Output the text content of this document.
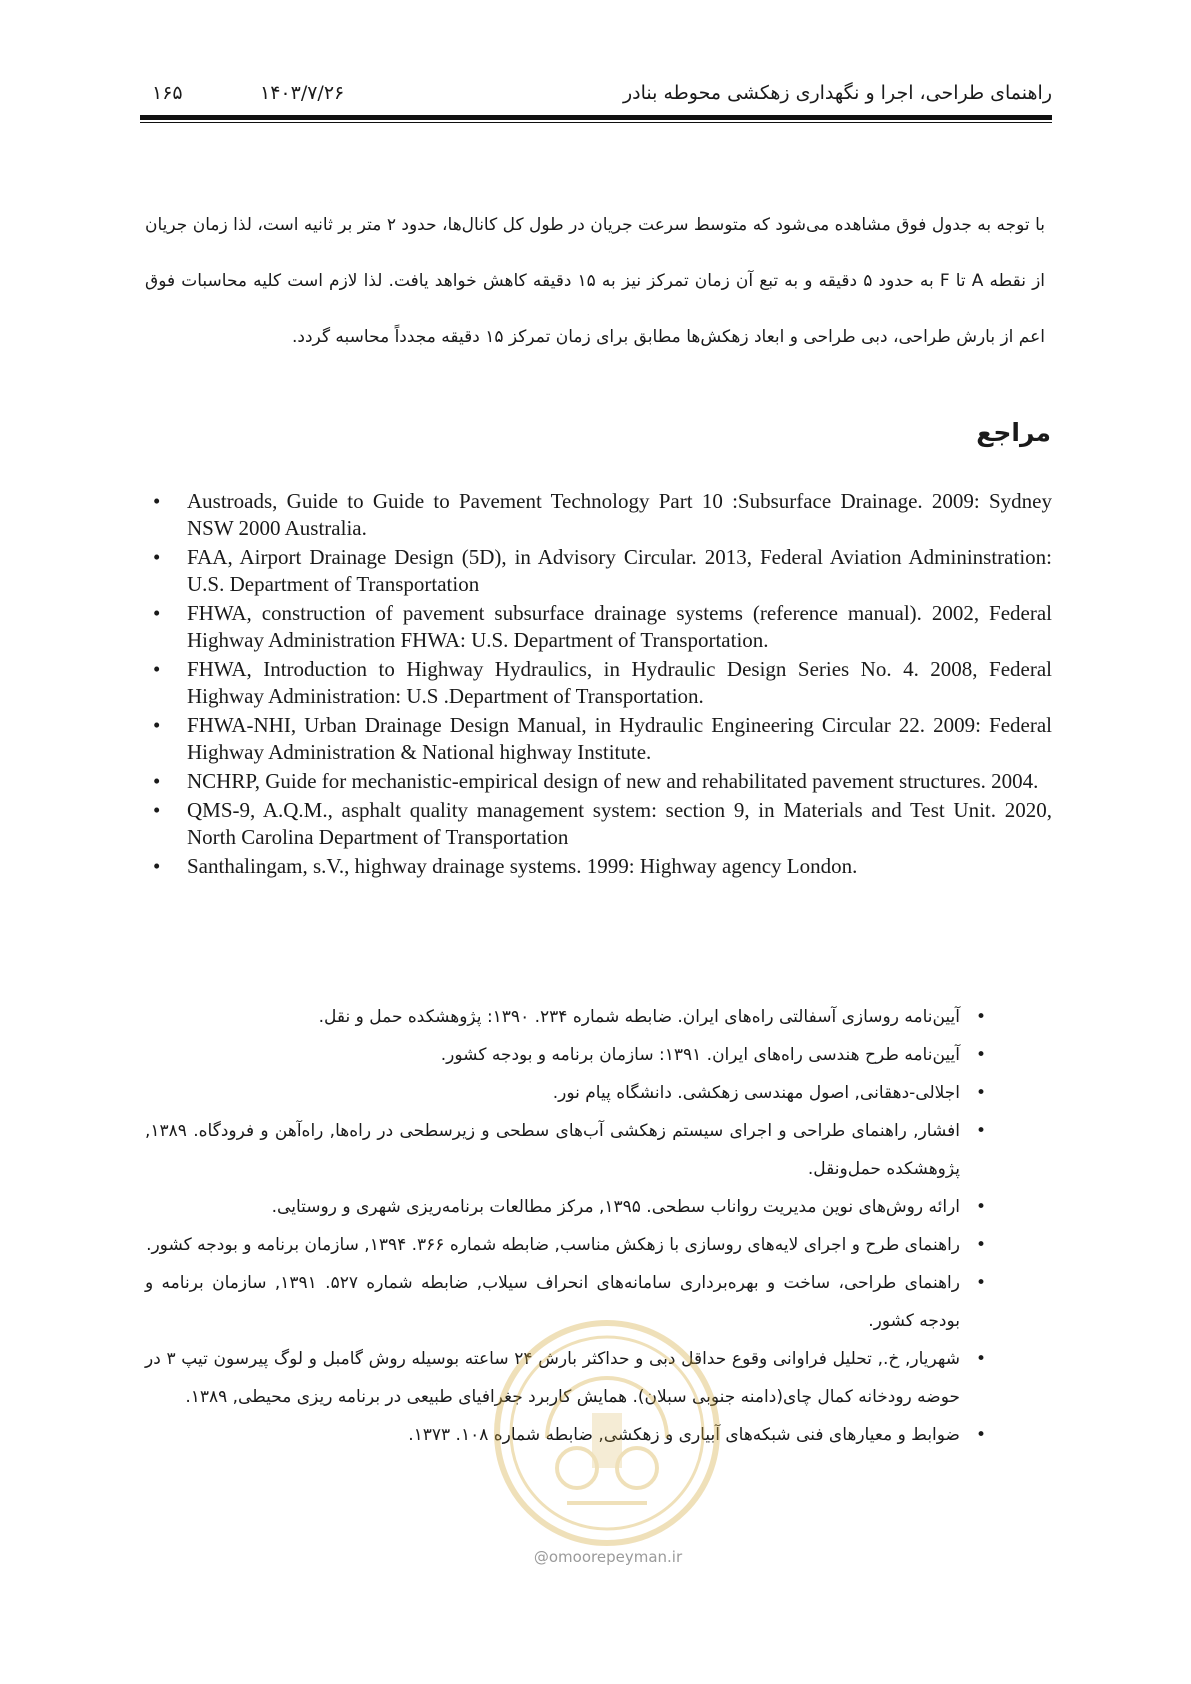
راهنمای طراحی، اجرا و نگهداری زهکشی محوطه بنادر
۱۴۰۳/۷/۲۶
۱۶۵

با توجه به جدول فوق مشاهده می‌شود که متوسط سرعت جریان در طول کل کانال‌ها، حدود ۲ متر بر ثانیه است، لذا زمان جریان از نقطه A تا F به حدود ۵ دقیقه و به تبع آن زمان تمرکز نیز به ۱۵ دقیقه کاهش خواهد یافت. لذا لازم است کلیه محاسبات فوق اعم از بارش طراحی، دبی طراحی و ابعاد زهکش‌ها مطابق برای زمان تمرکز ۱۵ دقیقه مجدداً محاسبه گردد.

مراجع
• Austroads, Guide to Guide to Pavement Technology Part 10 :Subsurface Drainage. 2009: Sydney NSW 2000 Australia.
• FAA, Airport Drainage Design (5D), in Advisory Circular. 2013, Federal Aviation Admininstration: U.S. Department of Transportation
• FHWA, construction of pavement subsurface drainage systems (reference manual). 2002, Federal Highway Administration FHWA: U.S. Department of Transportation.
• FHWA, Introduction to Highway Hydraulics, in Hydraulic Design Series No. 4. 2008, Federal Highway Administration: U.S .Department of Transportation.
• FHWA-NHI, Urban Drainage Design Manual, in Hydraulic Engineering Circular 22. 2009: Federal Highway Administration & National highway Institute.
• NCHRP, Guide for mechanistic-empirical design of new and rehabilitated pavement structures. 2004.
• QMS-9, A.Q.M., asphalt quality management system: section 9, in Materials and Test Unit. 2020, North Carolina Department of Transportation
• Santhalingam, s.V., highway drainage systems. 1999: Highway agency London.
•
آیین‌نامه روسازی آسفالتی راه‌های ایران. ضابطه شماره ۲۳۴. ۱۳۹۰: پژوهشکده حمل و نقل.
•
آیین‌نامه طرح هندسی راه‌های ایران. ۱۳۹۱: سازمان برنامه و بودجه کشور.
•
اجلالی-دهقانی, اصول مهندسی زهکشی. دانشگاه پیام نور.
•
افشار, راهنمای طراحی و اجرای سیستم زهکشی آب‌های سطحی و زیرسطحی در راه‌ها, راه‌آهن و فرودگاه. ۱۳۸۹, پژوهشکده حمل‌ونقل.
•
ارائه روش‌های نوین مدیریت رواناب سطحی. ۱۳۹۵, مرکز مطالعات برنامه‌ریزی شهری و روستایی.
•
راهنمای طرح و اجرای لایه‌های روسازی با زهکش مناسب, ضابطه شماره ۳۶۶. ۱۳۹۴, سازمان برنامه و بودجه کشور.
•
راهنمای طراحی، ساخت و بهره‌برداری سامانه‌های انحراف سیلاب, ضابطه شماره ۵۲۷. ۱۳۹۱, سازمان برنامه و بودجه کشور.
•
شهریار, خ., تحلیل فراوانی وقوع حداقل دبی و حداکثر بارش ۲۴ ساعته بوسیله روش گامبل و لوگ پیرسون تیپ ۳ در حوضه رودخانه کمال چای(دامنه جنوبی سبلان). همایش کاربرد جغرافیای طبیعی در برنامه ریزی محیطی, ۱۳۸۹.
•
ضوابط و معیارهای فنی شبکه‌های آبیاری و زهکشی, ضابطه شماره ۱۰۸. ۱۳۷۳.
@omoorepeyman.ir
